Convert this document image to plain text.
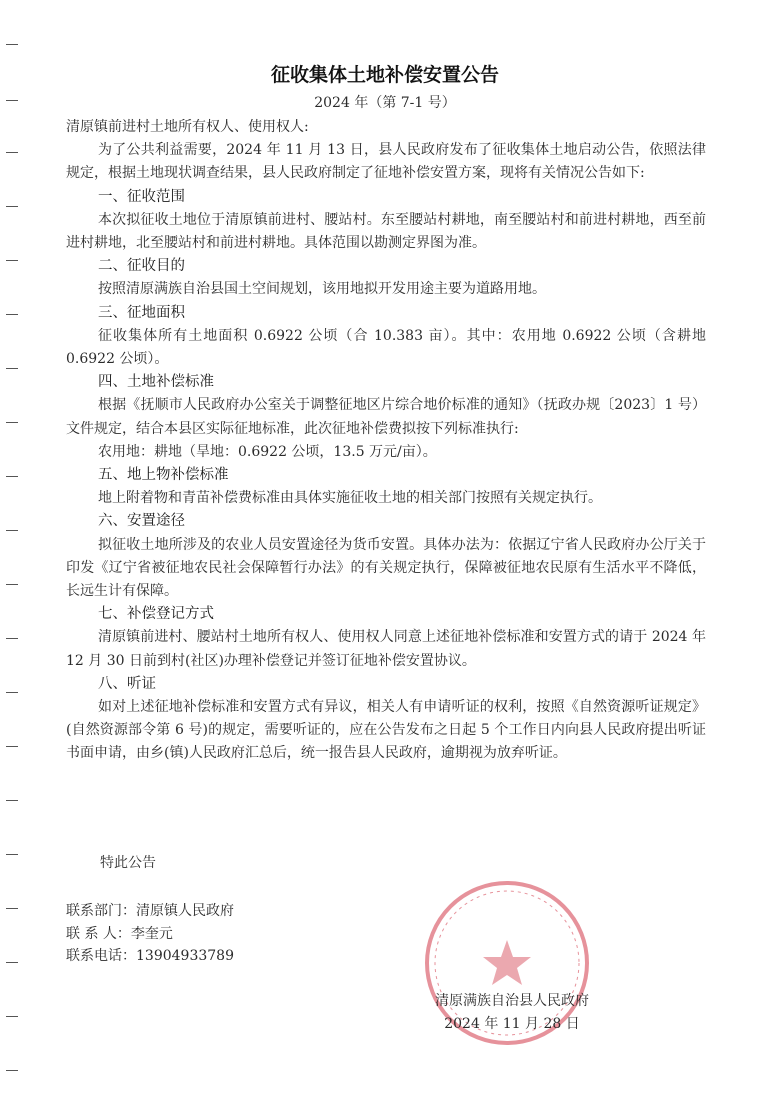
征收集体土地补偿安置公告
2024 年（第 7-1 号）

清原镇前进村土地所有权人、使用权人:

为了公共利益需要，2024 年 11 月 13 日，县人民政府发布了征收集体土地启动公告，依照法律规定，根据土地现状调查结果，县人民政府制定了征地补偿安置方案，现将有关情况公告如下:

一、征收范围

本次拟征收土地位于清原镇前进村、腰站村。东至腰站村耕地，南至腰站村和前进村耕地，西至前进村耕地，北至腰站村和前进村耕地。具体范围以勘测定界图为准。

二、征收目的

按照清原满族自治县国土空间规划，该用地拟开发用途主要为道路用地。

三、征地面积

征收集体所有土地面积 0.6922 公顷（合 10.383 亩）。其中：农用地 0.6922 公顷（含耕地 0.6922 公顷）。

四、土地补偿标准

根据《抚顺市人民政府办公室关于调整征地区片综合地价标准的通知》（抚政办规〔2023〕1 号）文件规定，结合本县区实际征地标准，此次征地补偿费拟按下列标准执行:

农用地：耕地（旱地：0.6922 公顷，13.5 万元/亩）。

五、地上物补偿标准

地上附着物和青苗补偿费标准由具体实施征收土地的相关部门按照有关规定执行。

六、安置途径

拟征收土地所涉及的农业人员安置途径为货币安置。具体办法为：依据辽宁省人民政府办公厅关于印发《辽宁省被征地农民社会保障暂行办法》的有关规定执行，保障被征地农民原有生活水平不降低，长远生计有保障。

七、补偿登记方式

清原镇前进村、腰站村土地所有权人、使用权人同意上述征地补偿标准和安置方式的请于 2024 年 12 月 30 日前到村(社区)办理补偿登记并签订征地补偿安置协议。

八、听证

如对上述征地补偿标准和安置方式有异议，相关人有申请听证的权利，按照《自然资源听证规定》(自然资源部令第 6 号)的规定，需要听证的，应在公告发布之日起 5 个工作日内向县人民政府提出听证书面申请，由乡(镇)人民政府汇总后，统一报告县人民政府，逾期视为放弃听证。

特此公告
联系部门：清原镇人民政府
联 系 人：李奎元
联系电话：13904933789
清原满族自治县人民政府
2024 年 11 月 28 日
